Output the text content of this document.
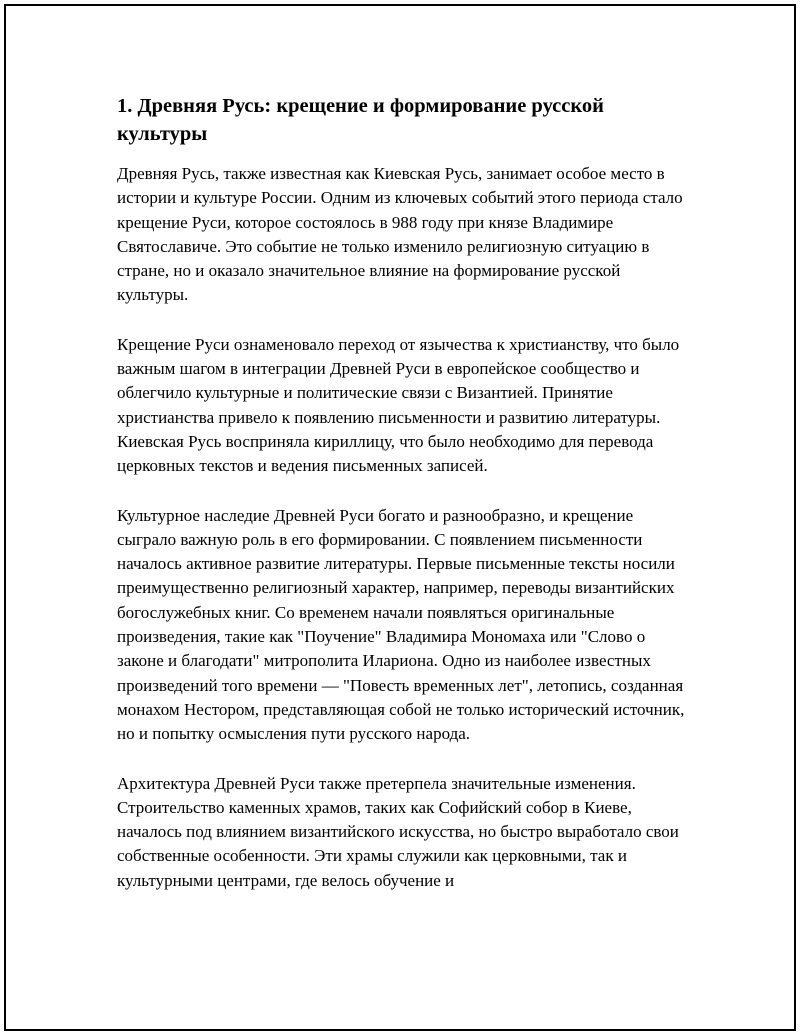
1. Древняя Русь: крещение и формирование русской культуры

Древняя Русь, также известная как Киевская Русь, занимает особое место в истории и культуре России. Одним из ключевых событий этого периода стало крещение Руси, которое состоялось в 988 году при князе Владимире Святославиче. Это событие не только изменило религиозную ситуацию в стране, но и оказало значительное влияние на формирование русской культуры.

Крещение Руси ознаменовало переход от язычества к христианству, что было важным шагом в интеграции Древней Руси в европейское сообщество и облегчило культурные и политические связи с Византией. Принятие христианства привело к появлению письменности и развитию литературы. Киевская Русь восприняла кириллицу, что было необходимо для перевода церковных текстов и ведения письменных записей.

Культурное наследие Древней Руси богато и разнообразно, и крещение сыграло важную роль в его формировании. С появлением письменности началось активное развитие литературы. Первые письменные тексты носили преимущественно религиозный характер, например, переводы византийских богослужебных книг. Со временем начали появляться оригинальные произведения, такие как "Поучение" Владимира Мономаха или "Слово о законе и благодати" митрополита Илариона. Одно из наиболее известных произведений того времени — "Повесть временных лет", летопись, созданная монахом Нестором, представляющая собой не только исторический источник, но и попытку осмысления пути русского народа.

Архитектура Древней Руси также претерпела значительные изменения. Строительство каменных храмов, таких как Софийский собор в Киеве, началось под влиянием византийского искусства, но быстро выработало свои собственные особенности. Эти храмы служили как церковными, так и культурными центрами, где велось обучение и
